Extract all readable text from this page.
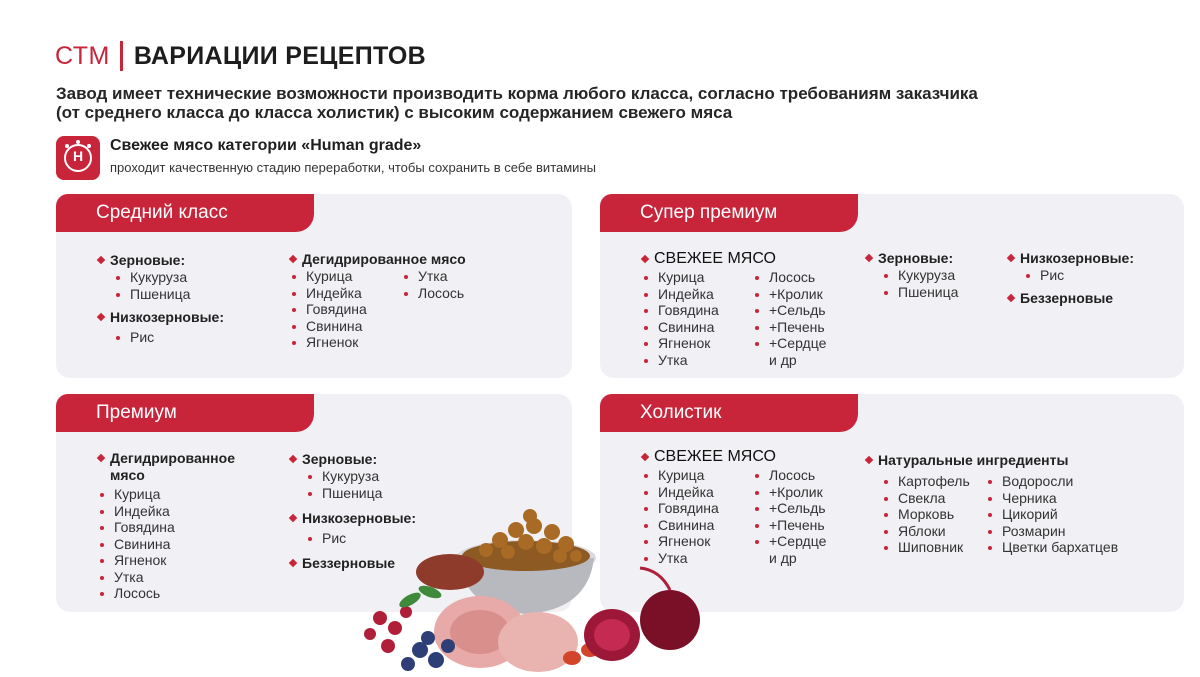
СТМ ВАРИАЦИИ РЕЦЕПТОВ
Завод имеет технические возможности производить корма любого класса, согласно требованиям заказчика
(от среднего класса до класса холистик) с высоким содержанием свежего мяса
H
Свежее мясо категории «Human grade»
проходит качественную стадию переработки, чтобы сохранить в себе витамины
Средний класс
Зерновые:
Кукуруза
Пшеница
Низкозерновые:
Рис
Дегидрированное мясо
Курица
Индейка
Говядина
Свинина
Ягненок
Утка
Лосось
Супер премиум
СВЕЖЕЕ МЯСО
Курица
Индейка
Говядина
Свинина
Ягненок
Утка
Лосось
+Кролик
+Сельдь
+Печень
+Сердце
и др
Зерновые:
Кукуруза
Пшеница
Низкозерновые:
Рис
Беззерновые
Премиум
Дегидрированное
мясо
Курица
Индейка
Говядина
Свинина
Ягненок
Утка
Лосось
Зерновые:
Кукуруза
Пшеница
Низкозерновые:
Рис
Беззерновые
Холистик
СВЕЖЕЕ МЯСО
Курица
Индейка
Говядина
Свинина
Ягненок
Утка
Лосось
+Кролик
+Сельдь
+Печень
+Сердце
и др
Натуральные ингредиенты
Картофель
Свекла
Морковь
Яблоки
Шиповник
Водоросли
Черника
Цикорий
Розмарин
Цветки бархатцев
